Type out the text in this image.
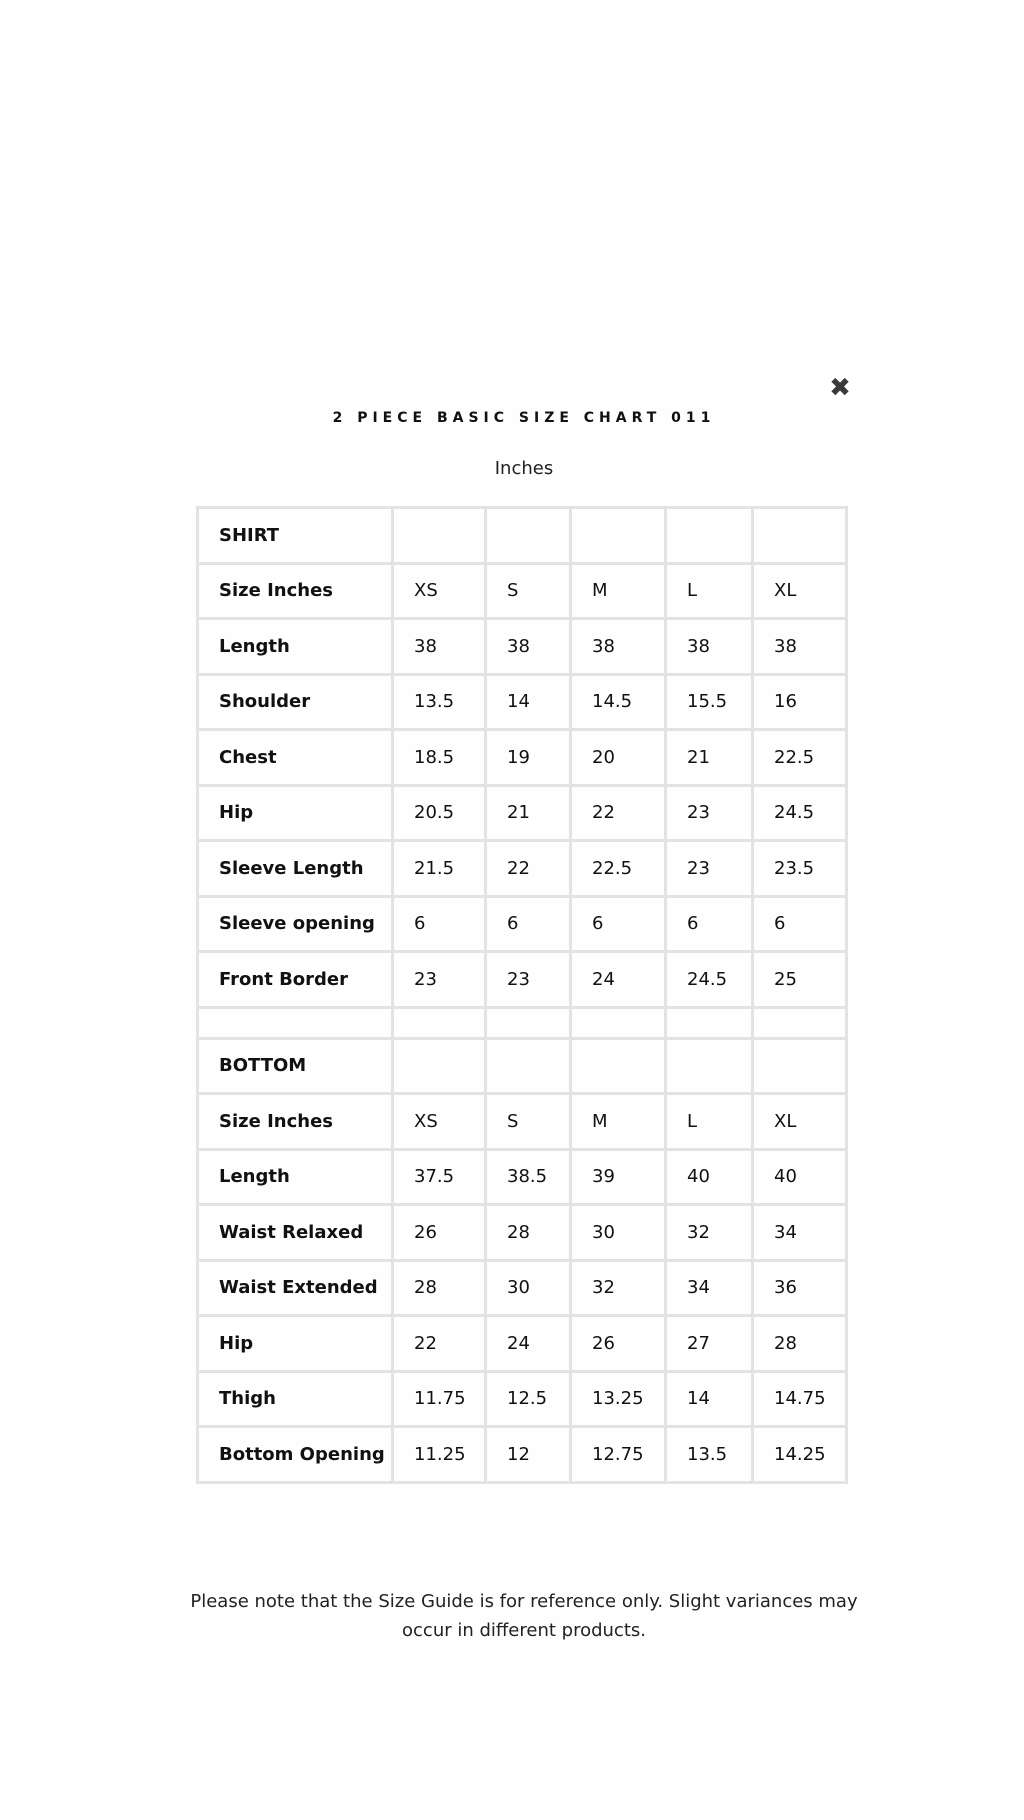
✖
2 PIECE BASIC SIZE CHART 011
Inches
SHIRT					
Size Inches	XS	S	M	L	XL
Length	38	38	38	38	38
Shoulder	13.5	14	14.5	15.5	16
Chest	18.5	19	20	21	22.5
Hip	20.5	21	22	23	24.5
Sleeve Length	21.5	22	22.5	23	23.5
Sleeve opening	6	6	6	6	6
Front Border	23	23	24	24.5	25

BOTTOM					
Size Inches	XS	S	M	L	XL
Length	37.5	38.5	39	40	40
Waist Relaxed	26	28	30	32	34
Waist Extended	28	30	32	34	36
Hip	22	24	26	27	28
Thigh	11.75	12.5	13.25	14	14.75
Bottom Opening	11.25	12	12.75	13.5	14.25
Please note that the Size Guide is for reference only. Slight variances may occur in different products.
